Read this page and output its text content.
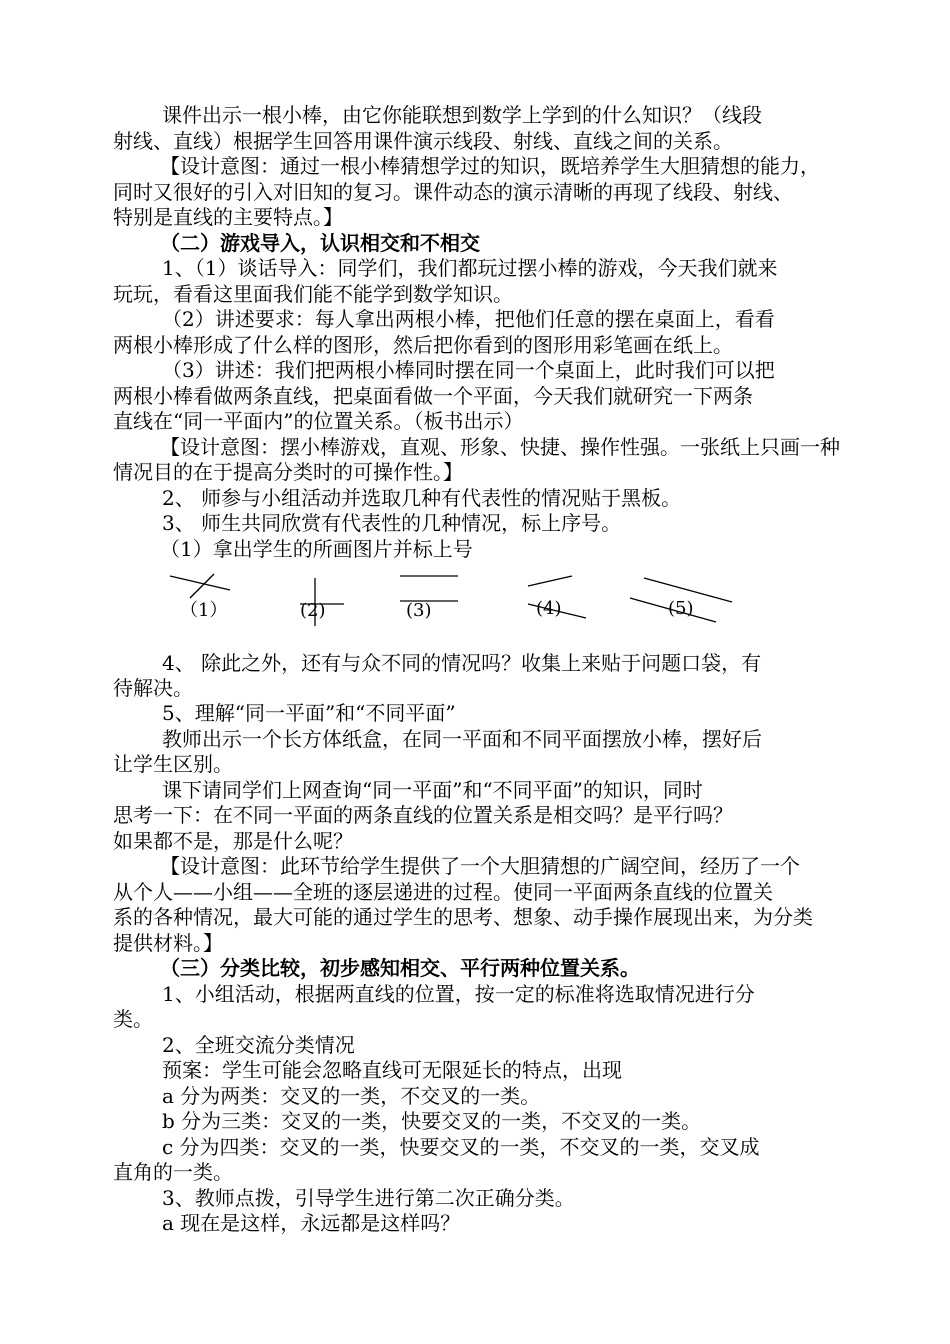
课件出示一根小棒，由它你能联想到数学上学到的什么知识？（线段
射线、直线）根据学生回答用课件演示线段、射线、直线之间的关系。
【设计意图：通过一根小棒猜想学过的知识，既培养学生大胆猜想的能力，
同时又很好的引入对旧知的复习。课件动态的演示清晰的再现了线段、射线、
特别是直线的主要特点。】
（二）游戏导入，认识相交和不相交
1、（1）谈话导入：同学们，我们都玩过摆小棒的游戏，今天我们就来
玩玩，看看这里面我们能不能学到数学知识。
（2）讲述要求：每人拿出两根小棒，把他们任意的摆在桌面上，看看
两根小棒形成了什么样的图形，然后把你看到的图形用彩笔画在纸上。
（3）讲述：我们把两根小棒同时摆在同一个桌面上，此时我们可以把
两根小棒看做两条直线，把桌面看做一个平面，今天我们就研究一下两条
直线在“同一平面内”的位置关系。（板书出示）
【设计意图：摆小棒游戏，直观、形象、快捷、操作性强。一张纸上只画一种
情况目的在于提高分类时的可操作性。】
2、 师参与小组活动并选取几种有代表性的情况贴于黑板。
3、 师生共同欣赏有代表性的几种情况，标上序号。
（1）拿出学生的所画图片并标上号
（1）	(2)	(3)	(4)	(5)
4、 除此之外，还有与众不同的情况吗？收集上来贴于问题口袋，有
待解决。
5、理解“同一平面”和“不同平面”
教师出示一个长方体纸盒，在同一平面和不同平面摆放小棒，摆好后
让学生区别。
课下请同学们上网查询“同一平面”和“不同平面”的知识，同时
思考一下：在不同一平面的两条直线的位置关系是相交吗？是平行吗？
如果都不是，那是什么呢？
【设计意图：此环节给学生提供了一个大胆猜想的广阔空间，经历了一个
从个人——小组——全班的逐层递进的过程。使同一平面两条直线的位置关
系的各种情况，最大可能的通过学生的思考、想象、动手操作展现出来，为分类
提供材料。】
（三）分类比较，初步感知相交、平行两种位置关系。
1、小组活动，根据两直线的位置，按一定的标准将选取情况进行分
类。
2、全班交流分类情况
预案：学生可能会忽略直线可无限延长的特点，出现
a 分为两类：交叉的一类，不交叉的一类。
b 分为三类：交叉的一类，快要交叉的一类，不交叉的一类。
c 分为四类：交叉的一类，快要交叉的一类，不交叉的一类，交叉成
直角的一类。
3、教师点拨，引导学生进行第二次正确分类。
a 现在是这样，永远都是这样吗？
